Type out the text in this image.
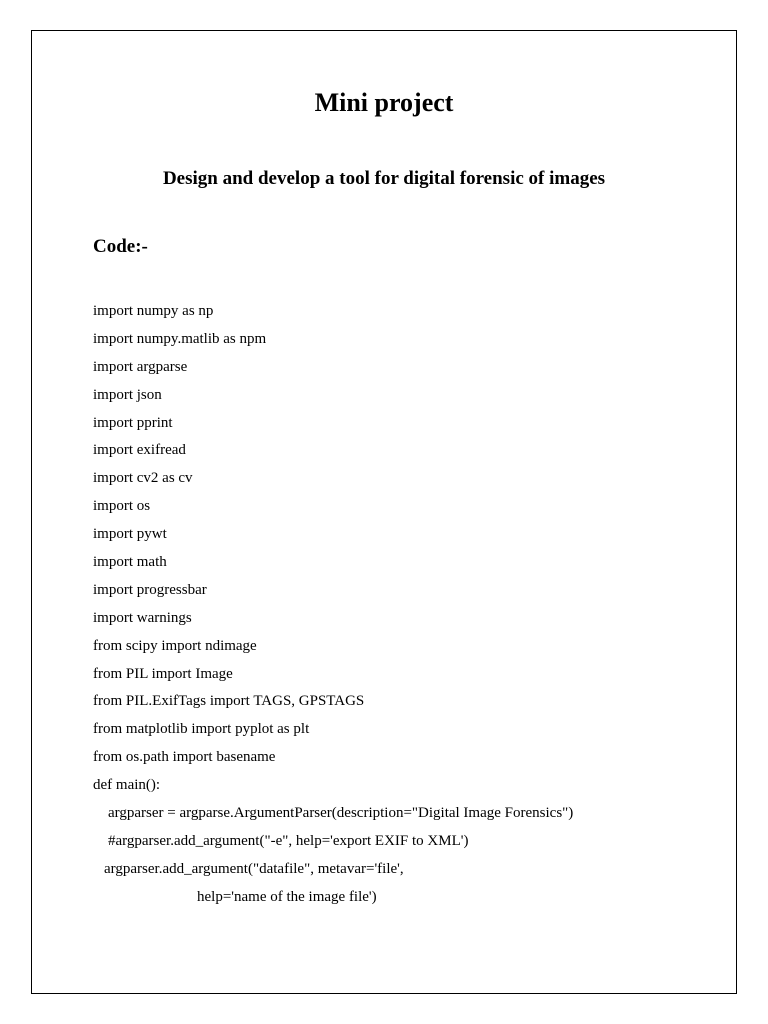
Mini project
Design and develop a tool for digital forensic of images
Code:-
import numpy as np
import numpy.matlib as npm
import argparse
import json
import pprint
import exifread
import cv2 as cv
import os
import pywt
import math
import progressbar
import warnings
from scipy import ndimage
from PIL import Image
from PIL.ExifTags import TAGS, GPSTAGS
from matplotlib import pyplot as plt
from os.path import basename
def main():
argparser = argparse.ArgumentParser(description="Digital Image Forensics")
#argparser.add_argument("-e", help='export EXIF to XML')
argparser.add_argument("datafile", metavar='file',
help='name of the image file')
